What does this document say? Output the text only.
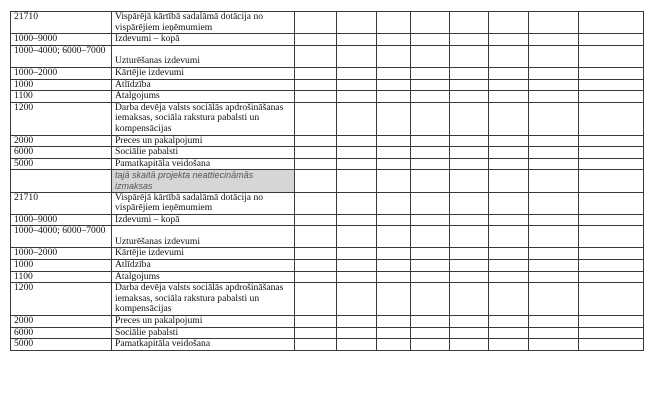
21710	Vispārējā kārtībā sadalāmā dotācija no vispārējiem ieņēmumiem								
1000–9000	Izdevumi – kopā								
1000–4000; 6000–7000	Uzturēšanas izdevumi								
1000–2000	Kārtējie izdevumi								
1000	Atlīdzība								
1100	Atalgojums								
1200	Darba devēja valsts sociālās apdrošināšanas iemaksas, sociāla rakstura pabalsti un kompensācijas								
2000	Preces un pakalpojumi								
6000	Sociālie pabalsti								
5000	Pamatkapitāla veidošana								
	tajā skaitā projekta neattiecināmās izmaksas								
21710	Vispārējā kārtībā sadalāmā dotācija no vispārējiem ieņēmumiem								
1000–9000	Izdevumi – kopā								
1000–4000; 6000–7000	Uzturēšanas izdevumi								
1000–2000	Kārtējie izdevumi								
1000	Atlīdzība								
1100	Atalgojums								
1200	Darba devēja valsts sociālās apdrošināšanas iemaksas, sociāla rakstura pabalsti un kompensācijas								
2000	Preces un pakalpojumi								
6000	Sociālie pabalsti								
5000	Pamatkapitāla veidošana								
